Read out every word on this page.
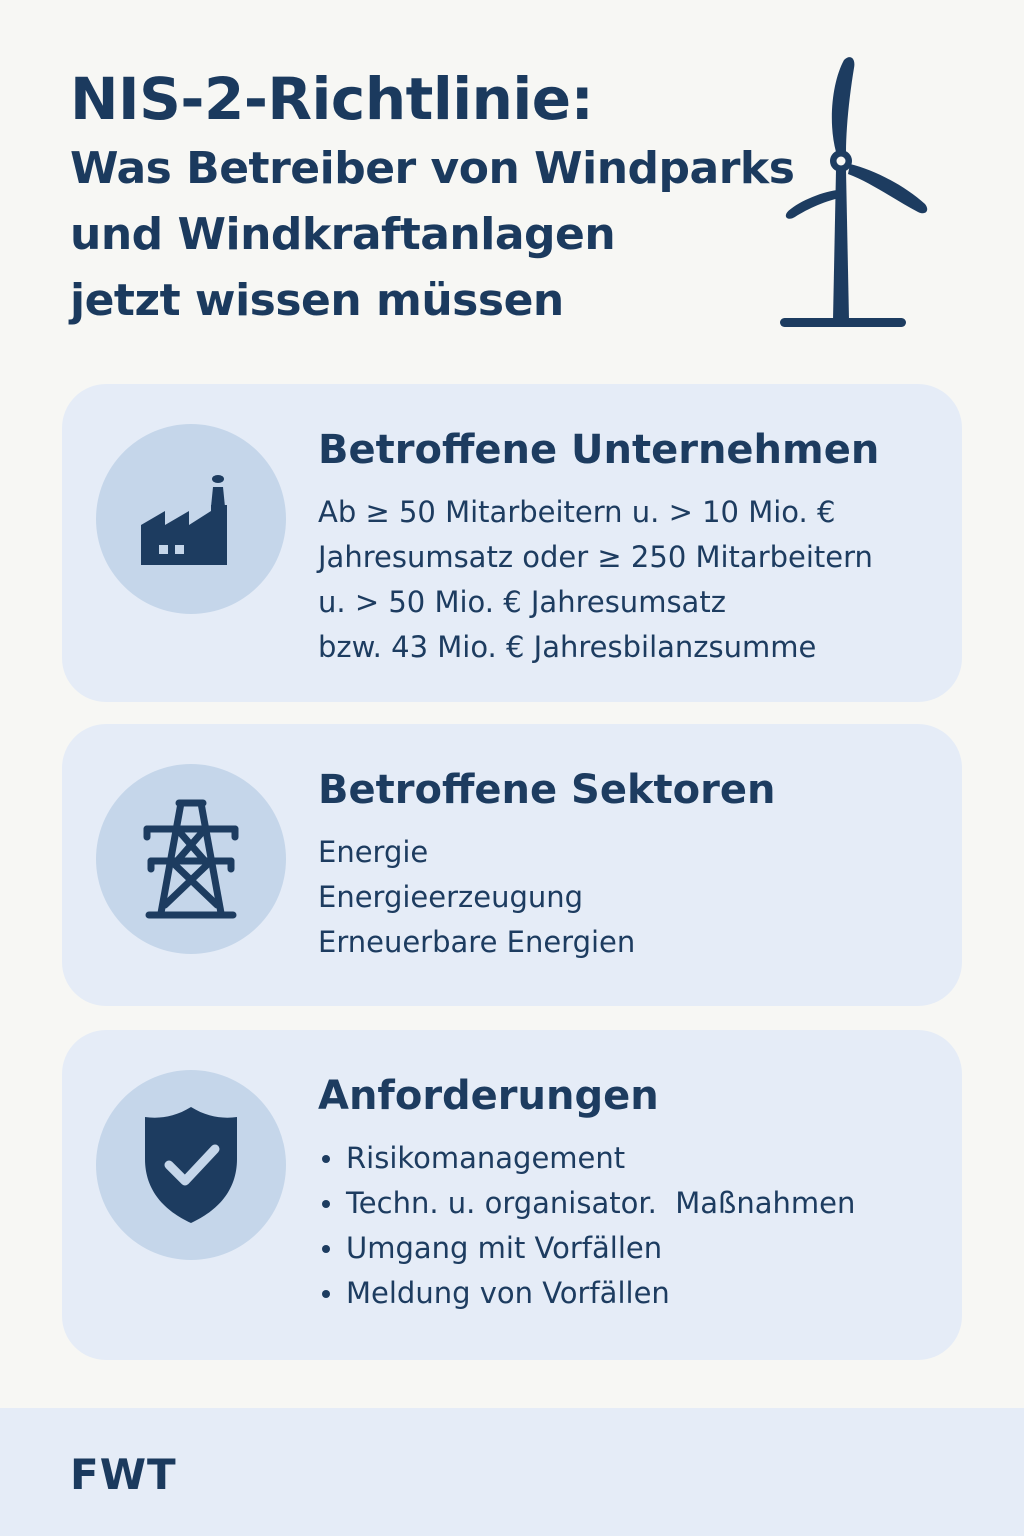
NIS-2-Richtlinie:
Was Betreiber von Windparks
und Windkraftanlagen
jetzt wissen müssen
Betroffene Unternehmen
Ab ≥ 50 Mitarbeitern u. > 10 Mio. €
Jahresumsatz oder ≥ 250 Mitarbeitern
u. > 50 Mio. € Jahresumsatz
bzw. 43 Mio. € Jahresbilanzsumme
Betroffene Sektoren
Energie
Energieerzeugung
Erneuerbare Energien
Anforderungen
Risikomanagement
Techn. u. organisator.  Maßnahmen
Umgang mit Vorfällen
Meldung von Vorfällen
FWT
